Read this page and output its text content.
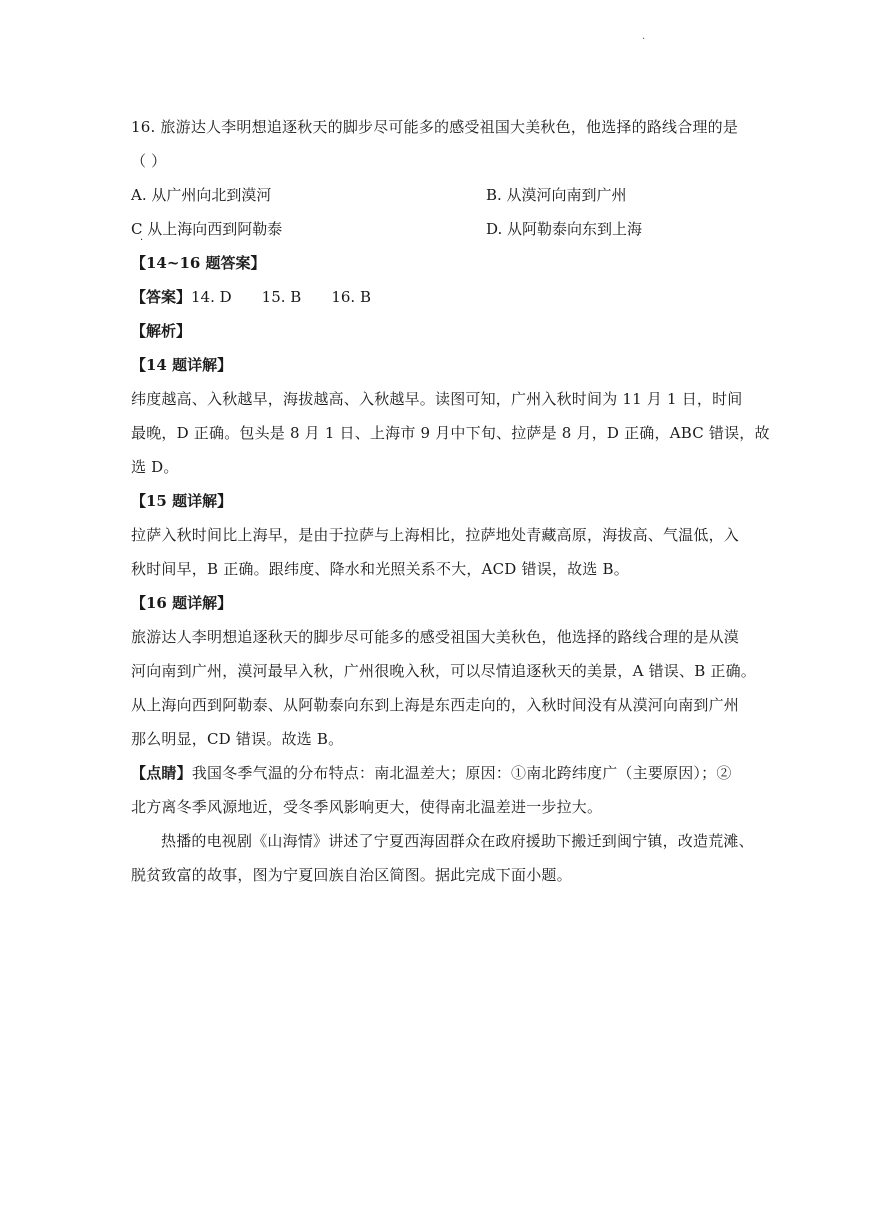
·
16. 旅游达人李明想追逐秋天的脚步尽可能多的感受祖国大美秋色，他选择的路线合理的是
（ ）
A. 从广州向北到漠河	B. 从漠河向南到广州
C 从上海向西到阿勒泰
·
D. 从阿勒泰向东到上海
【14~16 题答案】
【答案】14. D 15. B 16. B
【解析】
【14 题详解】
纬度越高、入秋越早，海拔越高、入秋越早。读图可知，广州入秋时间为 11 月 1 日，时间
最晚，D 正确。包头是 8 月 1 日、上海市 9 月中下旬、拉萨是 8 月，D 正确，ABC 错误，故
选 D。
【15 题详解】
拉萨入秋时间比上海早，是由于拉萨与上海相比，拉萨地处青藏高原，海拔高、气温低，入
秋时间早，B 正确。跟纬度、降水和光照关系不大，ACD 错误，故选 B。
【16 题详解】
旅游达人李明想追逐秋天的脚步尽可能多的感受祖国大美秋色，他选择的路线合理的是从漠
河向南到广州，漠河最早入秋，广州很晚入秋，可以尽情追逐秋天的美景，A 错误、B 正确。
从上海向西到阿勒泰、从阿勒泰向东到上海是东西走向的，入秋时间没有从漠河向南到广州
那么明显，CD 错误。故选 B。
【点睛】我国冬季气温的分布特点：南北温差大；原因：①南北跨纬度广（主要原因）；②
北方离冬季风源地近，受冬季风影响更大，使得南北温差进一步拉大。
热播的电视剧《山海情》讲述了宁夏西海固群众在政府援助下搬迁到闽宁镇，改造荒滩、
脱贫致富的故事，图为宁夏回族自治区简图。据此完成下面小题。
